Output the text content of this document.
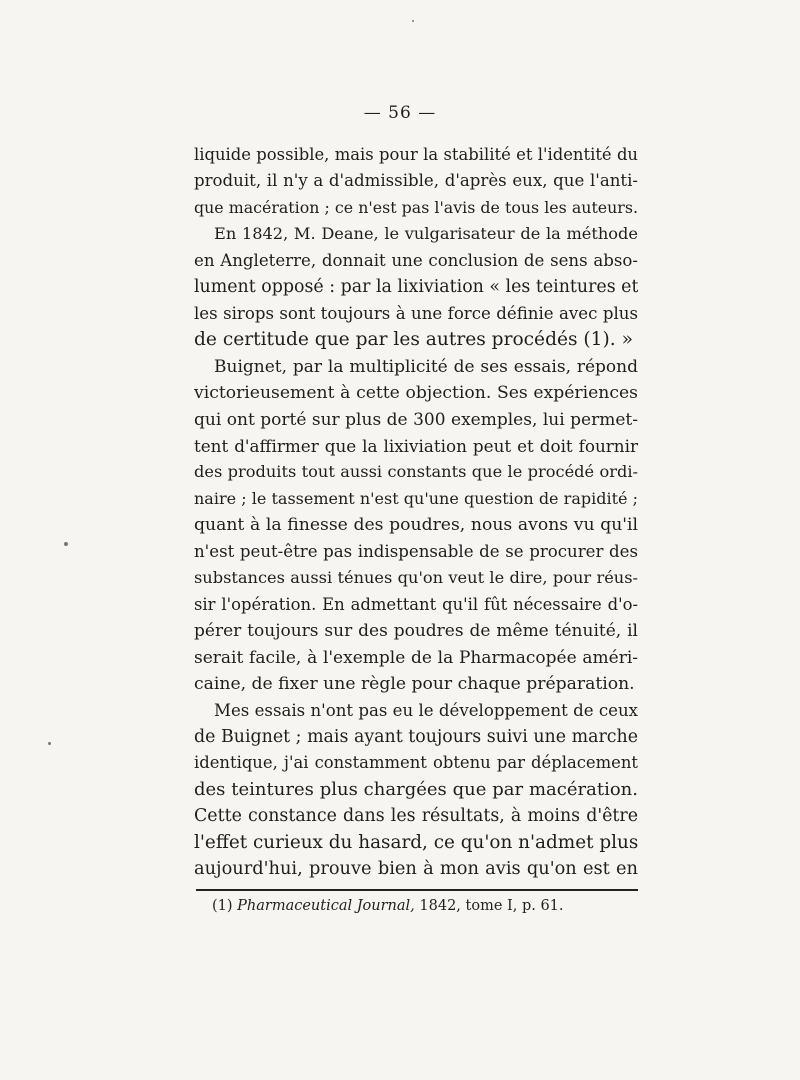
— 56 —
liquide possible, mais pour la stabilité et l'identité du
produit, il n'y a d'admissible, d'après eux, que l'anti-
que macération ; ce n'est pas l'avis de tous les auteurs.
En 1842, M. Deane, le vulgarisateur de la méthode
en Angleterre, donnait une conclusion de sens abso-
lument opposé : par la lixiviation « les teintures et
les sirops sont toujours à une force définie avec plus
de certitude que par les autres procédés (1). »
Buignet, par la multiplicité de ses essais, répond
victorieusement à cette objection. Ses expériences
qui ont porté sur plus de 300 exemples, lui permet-
tent d'affirmer que la lixiviation peut et doit fournir
des produits tout aussi constants que le procédé ordi-
naire ; le tassement n'est qu'une question de rapidité ;
quant à la finesse des poudres, nous avons vu qu'il
n'est peut-être pas indispensable de se procurer des
substances aussi ténues qu'on veut le dire, pour réus-
sir l'opération. En admettant qu'il fût nécessaire d'o-
pérer toujours sur des poudres de même ténuité, il
serait facile, à l'exemple de la Pharmacopée améri-
caine, de fixer une règle pour chaque préparation.
Mes essais n'ont pas eu le développement de ceux
de Buignet ; mais ayant toujours suivi une marche
identique, j'ai constamment obtenu par déplacement
des teintures plus chargées que par macération.
Cette constance dans les résultats, à moins d'être
l'effet curieux du hasard, ce qu'on n'admet plus
aujourd'hui, prouve bien à mon avis qu'on est en
(1) Pharmaceutical Journal, 1842, tome I, p. 61.
